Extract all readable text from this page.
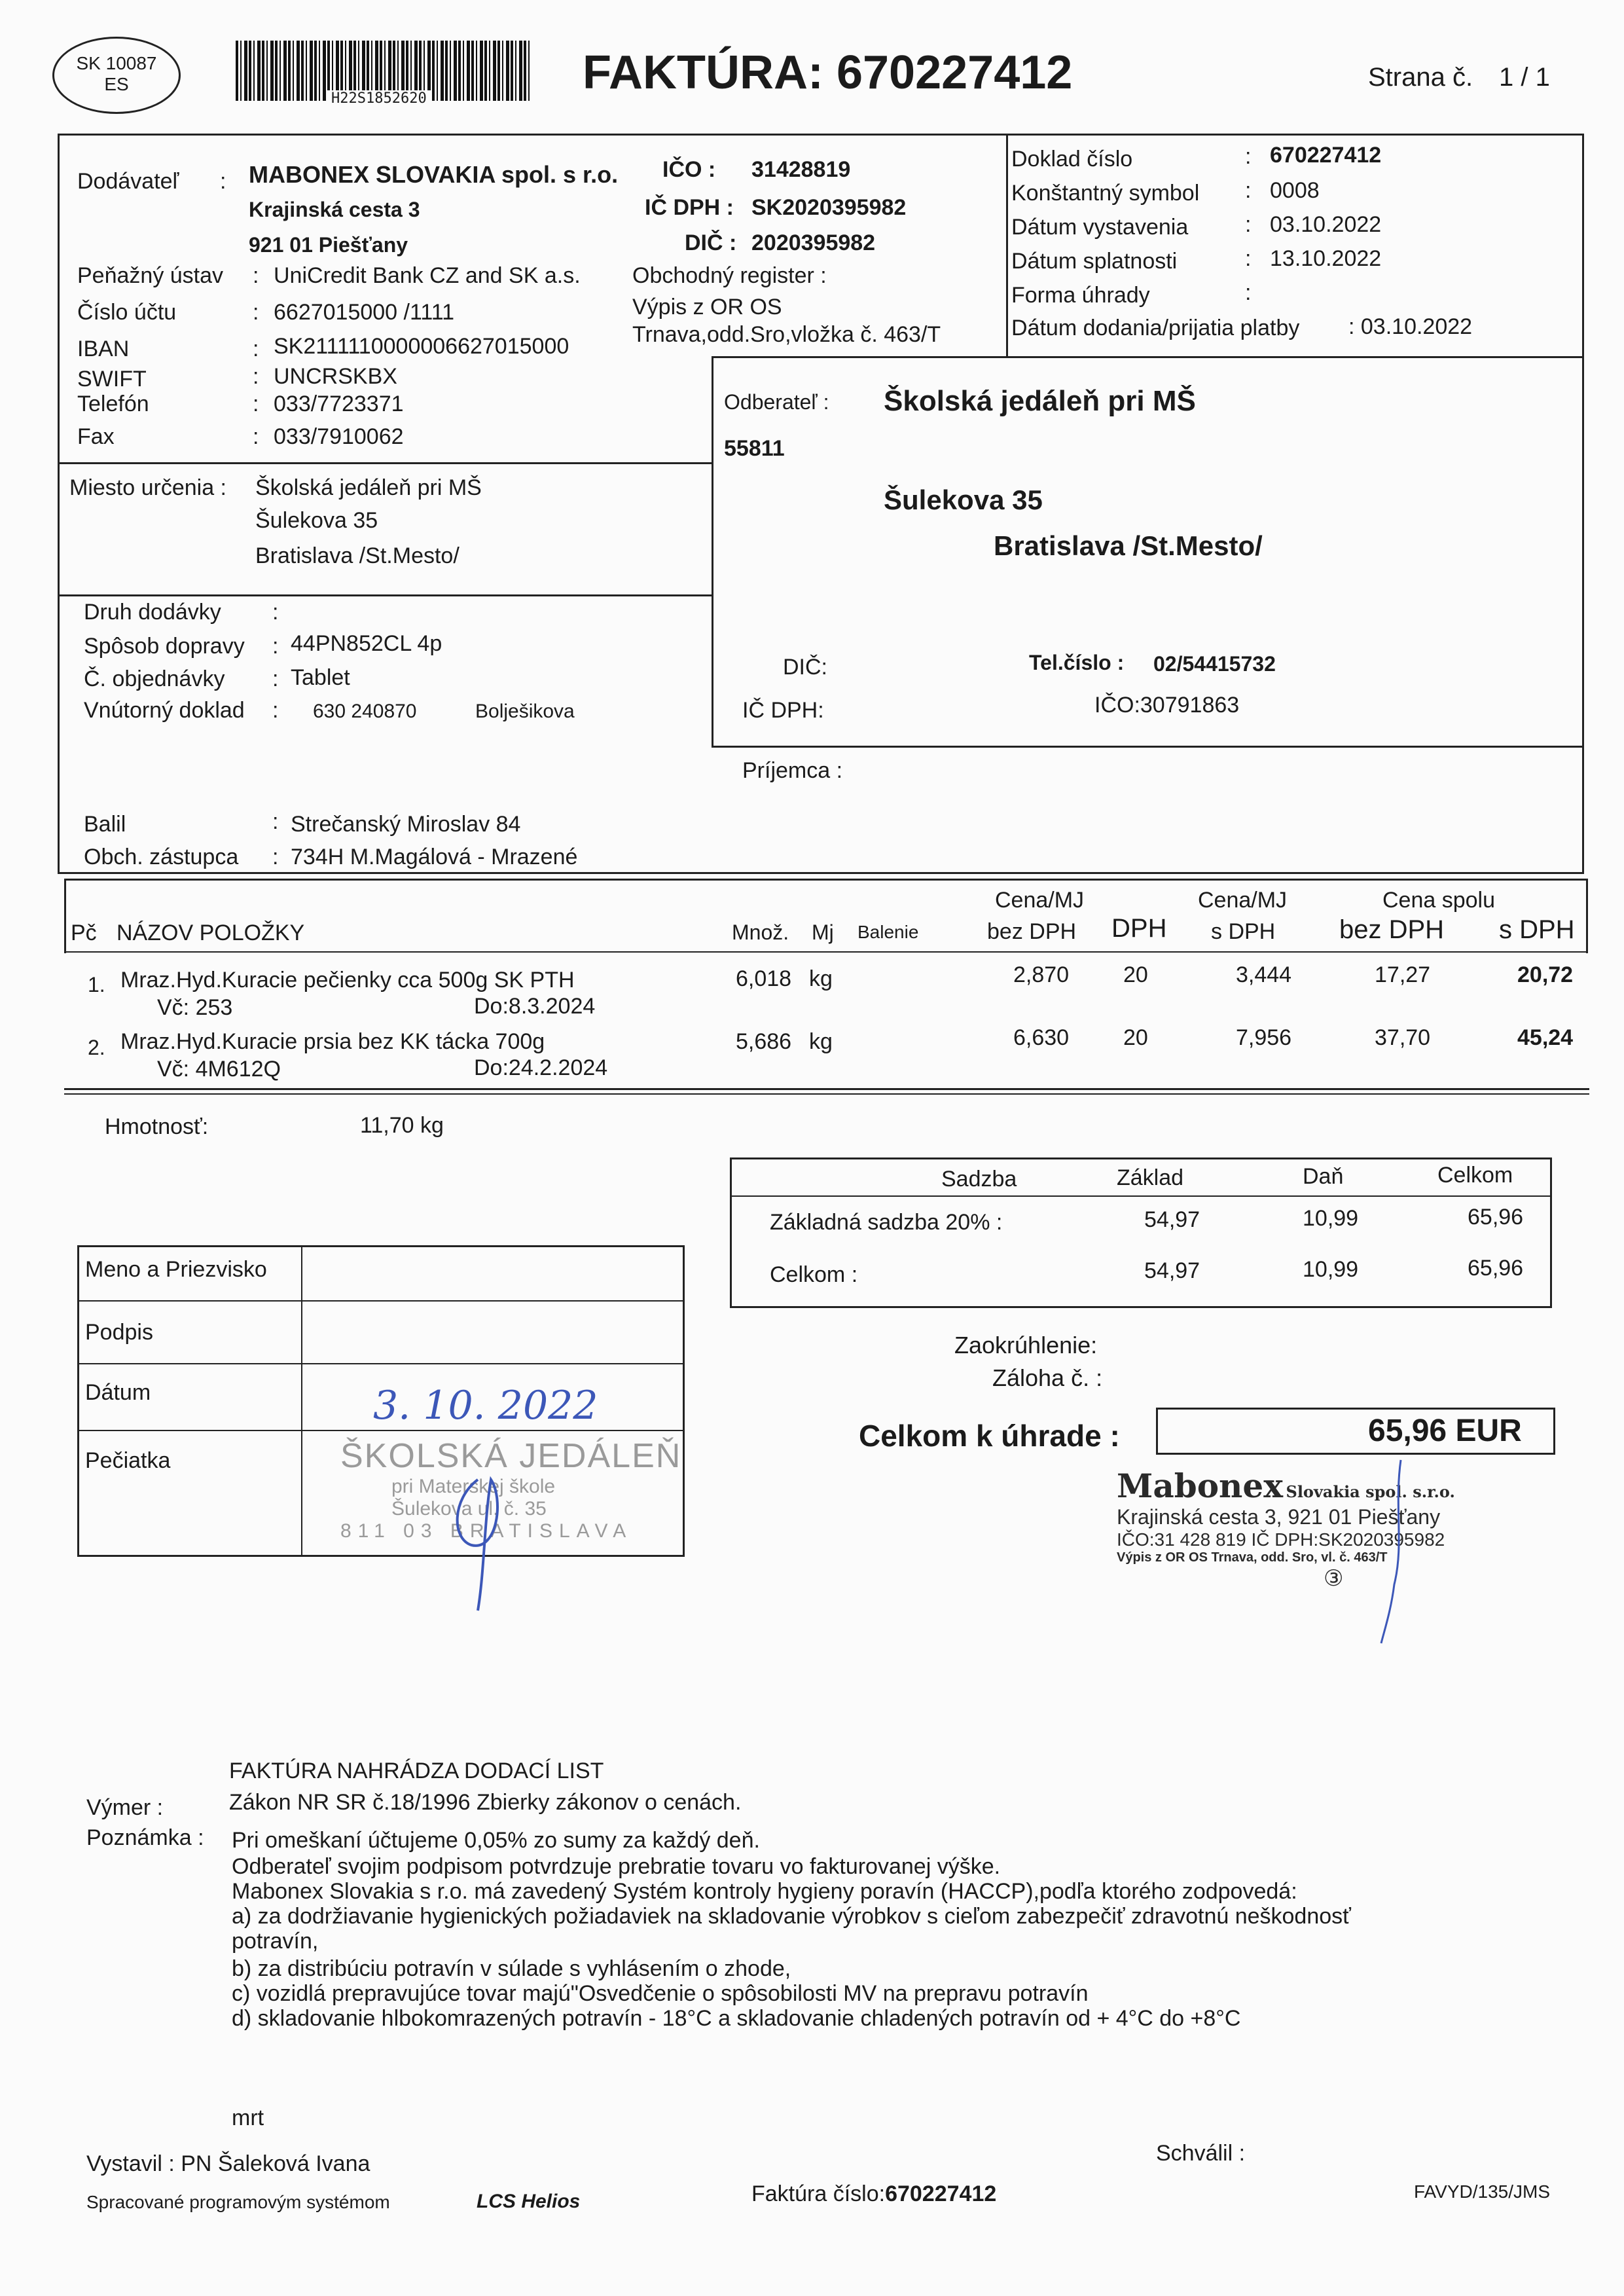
SK 10087
ES
H22S1852620	FAKTÚRA: 670227412	Strana č. 1 / 1
Dodávateľ : MABONEX SLOVAKIA spol. s r.o.
Krajinská cesta 3
921 01 Piešťany
IČO : 31428819
IČ DPH : SK2020395982
DIČ : 2020395982
Peňažný ústav : UniCredit Bank CZ and SK a.s.
Číslo účtu	: 6627015000 /1111
IBAN	: SK2111110000006627015000
SWIFT	: UNCRSKBX
Telefón	: 033/7723371
Fax	: 033/7910062
Obchodný register :
Výpis z OR OS
Trnava,odd.Sro,vložka č. 463/T
Doklad číslo	: 670227412
Konštantný symbol : 0008
Dátum vystavenia	: 03.10.2022
Dátum splatnosti	: 13.10.2022
Forma úhrady	:
Dátum dodania/prijatia platby : 03.10.2022
Odberateľ :
55811
Školská jedáleň pri MŠ
Šulekova 35
Bratislava /St.Mesto/
DIČ:
IČ DPH:
Tel.číslo : 02/54415732
IČO:30791863
Príjemca :
Miesto určenia : Školská jedáleň pri MŠ
Šulekova 35
Bratislava /St.Mesto/
Druh dodávky :
Spôsob dopravy : 44PN852CL 4p
Č. objednávky : Tablet
Vnútorný doklad : 630 240870	Bolješikova
Balil	: Strečanský Miroslav 84
Obch. zástupca : 734H M.Magálová - Mrazené
Pč NÁZOV POLOŽKY	Množ. Mj Balenie
Cena/MJ
bez DPH DPH
Cena/MJ
s DPH
Cena spolu
bez DPH s DPH
1. Mraz.Hyd.Kuracie pečienky cca 500g SK PTH
Vč: 253	Do:8.3.2024
6,018 kg	2,870 20	3,444	17,27	20,72
2. Mraz.Hyd.Kuracie prsia bez KK tácka 700g
Vč: 4M612Q	Do:24.2.2024
5,686 kg	6,630 20	7,956	37,70	45,24
Hmotnosť:	11,70 kg
Sadzba	Základ	Daň	Celkom
Základná sadzba 20% :	54,97	10,99	65,96
Celkom :	54,97	10,99	65,96
Meno a Priezvisko
Podpis
Dátum	3. 10. 2022
Pečiatka	ŠKOLSKÁ JEDÁLEŇ
pri Materskej škole
Šulekova ul. č. 35
811 03 BRATISLAVA
Zaokrúhlenie:
Záloha č. :
Celkom k úhrade :	65,96 EUR
Mabonex Slovakia spol. s.r.o.
Krajinská cesta 3, 921 01 Piešťany
IČO:31 428 819 IČ DPH:SK2020395982
Výpis z OR OS Trnava, odd. Sro, vl. č. 463/T
③
FAKTÚRA NAHRÁDZA DODACÍ LIST
Výmer :	Zákon NR SR č.18/1996 Zbierky zákonov o cenách.
Poznámka : Pri omeškaní účtujeme 0,05% zo sumy za každý deň.
Odberateľ svojim podpisom potvrdzuje prebratie tovaru vo fakturovanej výške.
Mabonex Slovakia s r.o. má zavedený Systém kontroly hygieny poravín (HACCP),podľa ktorého zodpovedá:
a) za dodržiavanie hygienických požiadaviek na skladovanie výrobkov s cieľom zabezpečiť zdravotnú neškodnosť
potravín,
b) za distribúciu potravín v súlade s vyhlásením o zhode,
c) vozidlá prepravujúce tovar majú"Osvedčenie o spôsobilosti MV na prepravu potravín
d) skladovanie hlbokomrazených potravín - 18°C a skladovanie chladených potravín od + 4°C do +8°C
mrt
Vystavil : PN Šaleková Ivana	Schválil :
Spracované programovým systémom	LCS Helios	Faktúra číslo:670227412	FAVYD/135/JMS
